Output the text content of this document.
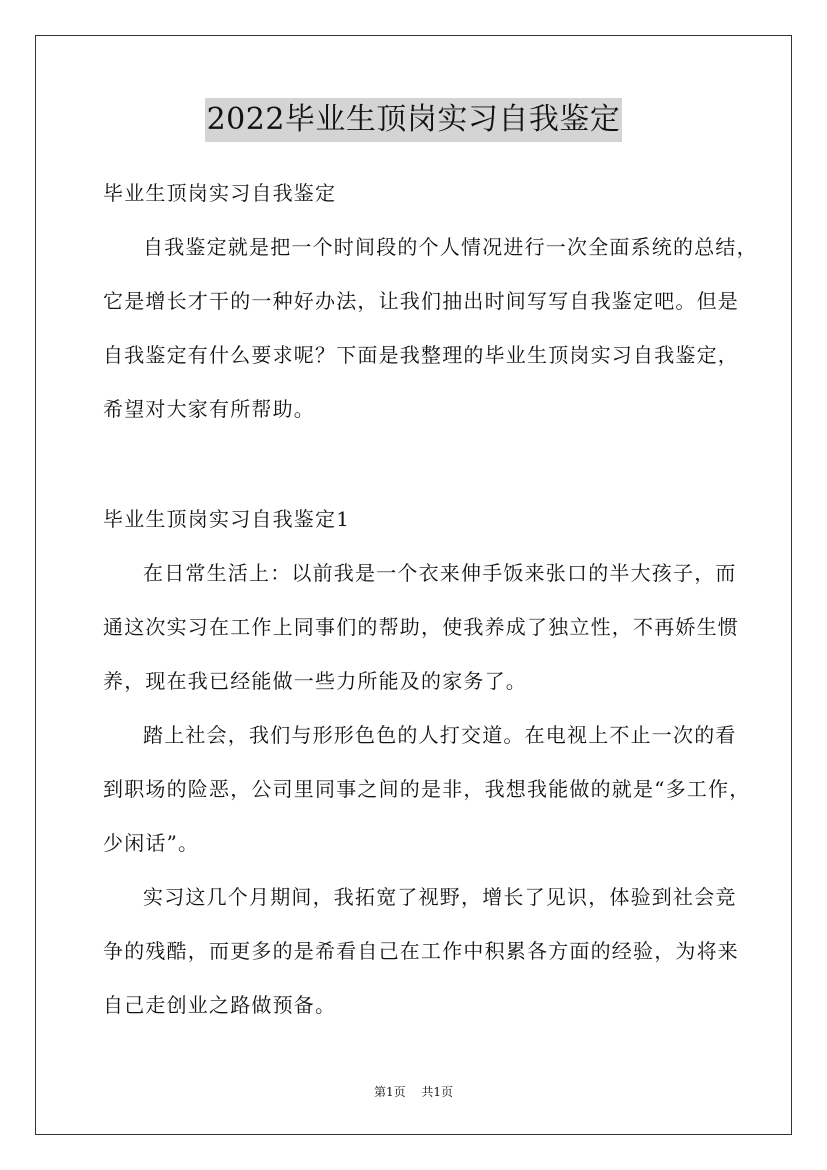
2022毕业生顶岗实习自我鉴定
毕业生顶岗实习自我鉴定
自我鉴定就是把一个时间段的个人情况进行一次全面系统的总结，
它是增长才干的一种好办法，让我们抽出时间写写自我鉴定吧。但是
自我鉴定有什么要求呢？下面是我整理的毕业生顶岗实习自我鉴定，
希望对大家有所帮助。
毕业生顶岗实习自我鉴定1
在日常生活上：以前我是一个衣来伸手饭来张口的半大孩子，而
通这次实习在工作上同事们的帮助，使我养成了独立性，不再娇生惯
养，现在我已经能做一些力所能及的家务了。
踏上社会，我们与形形色色的人打交道。在电视上不止一次的看
到职场的险恶，公司里同事之间的是非，我想我能做的就是“多工作，
少闲话”。
实习这几个月期间，我拓宽了视野，增长了见识，体验到社会竞
争的残酷，而更多的是希看自己在工作中积累各方面的经验，为将来
自己走创业之路做预备。
第1页 共1页
